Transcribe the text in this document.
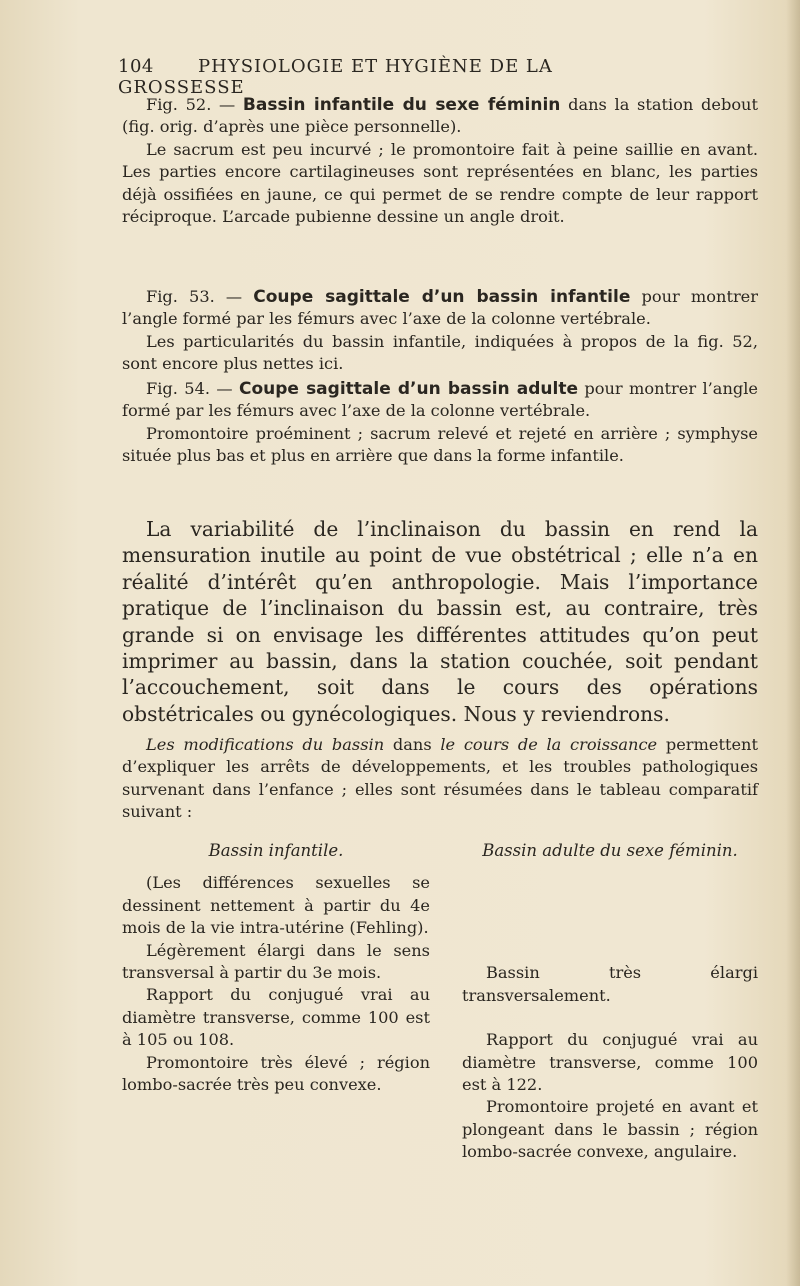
104 PHYSIOLOGIE ET HYGIÈNE DE LA GROSSESSE

Fig. 52. — Bassin infantile du sexe féminin dans la station debout (fig. orig. d’après une pièce personnelle).

Le sacrum est peu incurvé ; le promontoire fait à peine saillie en avant. Les parties encore cartilagineuses sont représentées en blanc, les parties déjà ossifiées en jaune, ce qui permet de se rendre compte de leur rapport réciproque. L’arcade pubienne dessine un angle droit.

Fig. 53. — Coupe sagittale d’un bassin infantile pour montrer l’angle formé par les fémurs avec l’axe de la colonne vertébrale.

Les particularités du bassin infantile, indiquées à propos de la fig. 52, sont encore plus nettes ici.

Fig. 54. — Coupe sagittale d’un bassin adulte pour montrer l’angle formé par les fémurs avec l’axe de la colonne vertébrale.

Promontoire proéminent ; sacrum relevé et rejeté en arrière ; symphyse située plus bas et plus en arrière que dans la forme infantile.

La variabilité de l’inclinaison du bassin en rend la mensuration inutile au point de vue obstétrical ; elle n’a en réalité d’intérêt qu’en anthropologie. Mais l’importance pratique de l’inclinaison du bassin est, au contraire, très grande si on envisage les différentes attitudes qu’on peut imprimer au bassin, dans la station couchée, soit pendant l’accouchement, soit dans le cours des opérations obstétricales ou gynécologiques. Nous y reviendrons.

Les modifications du bassin dans le cours de la croissance permettent d’expliquer les arrêts de développements, et les troubles pathologiques survenant dans l’enfance ; elles sont résumées dans le tableau comparatif suivant :

Bassin infantile.

(Les différences sexuelles se dessinent nettement à partir du 4e mois de la vie intra-utérine (Fehling).

Légèrement élargi dans le sens transversal à partir du 3e mois.

Rapport du conjugué vrai au diamètre transverse, comme 100 est à 105 ou 108.

Promontoire très élevé ; région lombo-sacrée très peu convexe.

Bassin adulte du sexe féminin.

Bassin très élargi transversalement.

Rapport du conjugué vrai au diamètre transverse, comme 100 est à 122.

Promontoire projeté en avant et plongeant dans le bassin ; région lombo-sacrée convexe, angulaire.
